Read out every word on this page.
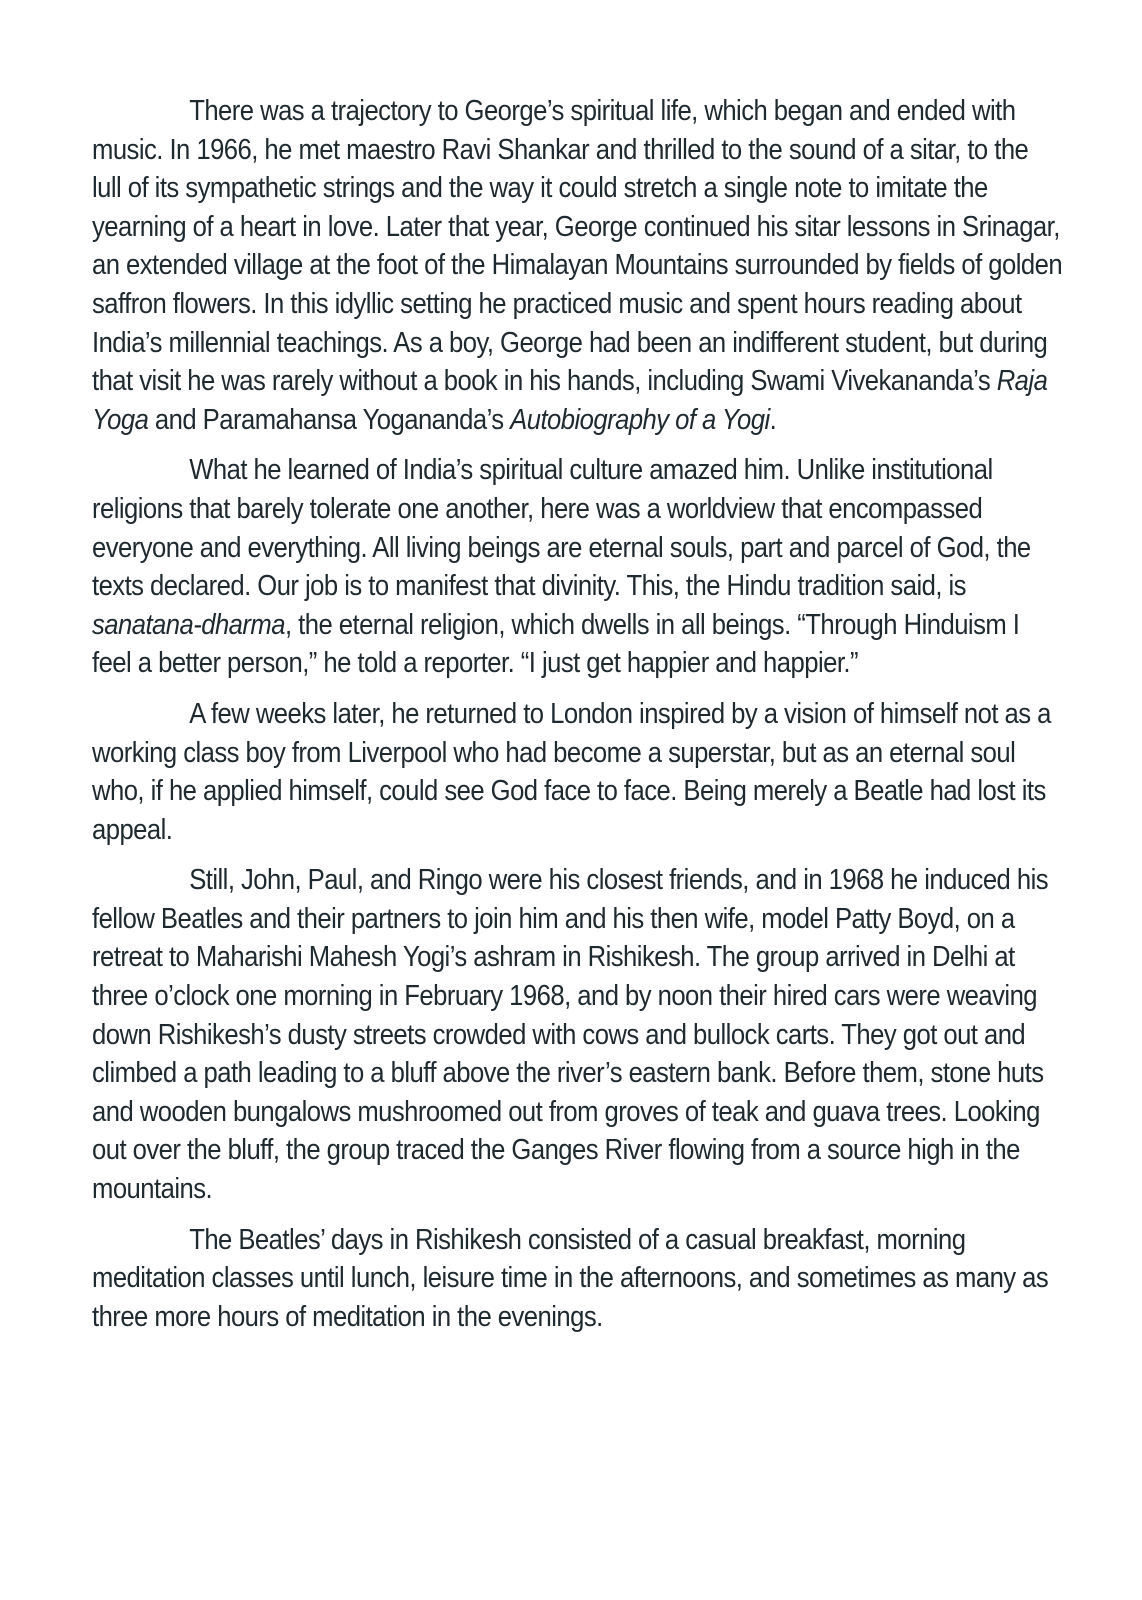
There was a trajectory to George’s spiritual life, which began and ended with music. In 1966, he met maestro Ravi Shankar and thrilled to the sound of a sitar, to the lull of its sympathetic strings and the way it could stretch a single note to imitate the yearning of a heart in love. Later that year, George continued his sitar lessons in Srinagar, an extended village at the foot of the Himalayan Mountains surrounded by fields of golden saffron flowers. In this idyllic setting he practiced music and spent hours reading about India’s millennial teachings. As a boy, George had been an indifferent student, but during that visit he was rarely without a book in his hands, including Swami Vivekananda’s Raja Yoga and Paramahansa Yogananda’s Autobiography of a Yogi.

What he learned of India’s spiritual culture amazed him. Unlike institutional religions that barely tolerate one another, here was a worldview that encompassed everyone and everything. All living beings are eternal souls, part and parcel of God, the texts declared. Our job is to manifest that divinity. This, the Hindu tradition said, is sanatana-dharma, the eternal religion, which dwells in all beings. “Through Hinduism I feel a better person,” he told a reporter. “I just get happier and happier.”

A few weeks later, he returned to London inspired by a vision of himself not as a working class boy from Liverpool who had become a superstar, but as an eternal soul who, if he applied himself, could see God face to face. Being merely a Beatle had lost its appeal.

Still, John, Paul, and Ringo were his closest friends, and in 1968 he induced his fellow Beatles and their partners to join him and his then wife, model Patty Boyd, on a retreat to Maharishi Mahesh Yogi’s ashram in Rishikesh. The group arrived in Delhi at three o’clock one morning in February 1968, and by noon their hired cars were weaving down Rishikesh’s dusty streets crowded with cows and bullock carts. They got out and climbed a path leading to a bluff above the river’s eastern bank. Before them, stone huts and wooden bungalows mushroomed out from groves of teak and guava trees. Looking out over the bluff, the group traced the Ganges River flowing from a source high in the mountains.

The Beatles’ days in Rishikesh consisted of a casual breakfast, morning meditation classes until lunch, leisure time in the afternoons, and sometimes as many as three more hours of meditation in the evenings.
